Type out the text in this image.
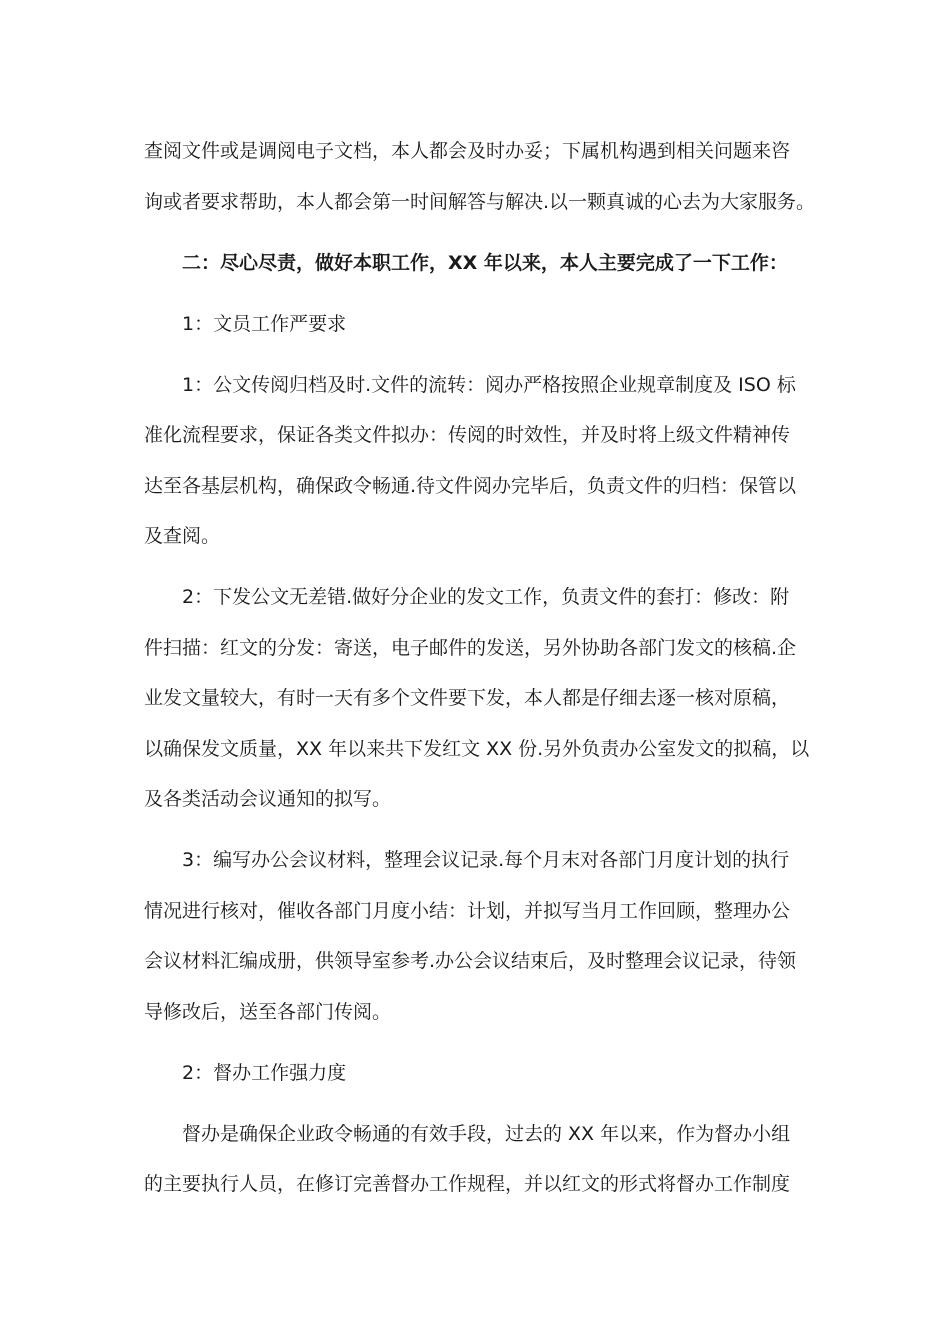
查阅文件或是调阅电子文档，本人都会及时办妥；下属机构遇到相关问题来咨
询或者要求帮助，本人都会第一时间解答与解决.以一颗真诚的心去为大家服务。
二：尽心尽责，做好本职工作，XX 年以来，本人主要完成了一下工作：
1：文员工作严要求
1：公文传阅归档及时.文件的流转：阅办严格按照企业规章制度及 ISO 标
准化流程要求，保证各类文件拟办：传阅的时效性，并及时将上级文件精神传
达至各基层机构，确保政令畅通.待文件阅办完毕后，负责文件的归档：保管以
及查阅。
2：下发公文无差错.做好分企业的发文工作，负责文件的套打：修改：附
件扫描：红文的分发：寄送，电子邮件的发送，另外协助各部门发文的核稿.企
业发文量较大，有时一天有多个文件要下发，本人都是仔细去逐一核对原稿，
以确保发文质量，XX 年以来共下发红文 XX 份.另外负责办公室发文的拟稿，以
及各类活动会议通知的拟写。
3：编写办公会议材料，整理会议记录.每个月末对各部门月度计划的执行
情况进行核对，催收各部门月度小结：计划，并拟写当月工作回顾，整理办公
会议材料汇编成册，供领导室参考.办公会议结束后，及时整理会议记录，待领
导修改后，送至各部门传阅。
2：督办工作强力度
督办是确保企业政令畅通的有效手段，过去的 XX 年以来，作为督办小组
的主要执行人员，在修订完善督办工作规程，并以红文的形式将督办工作制度
